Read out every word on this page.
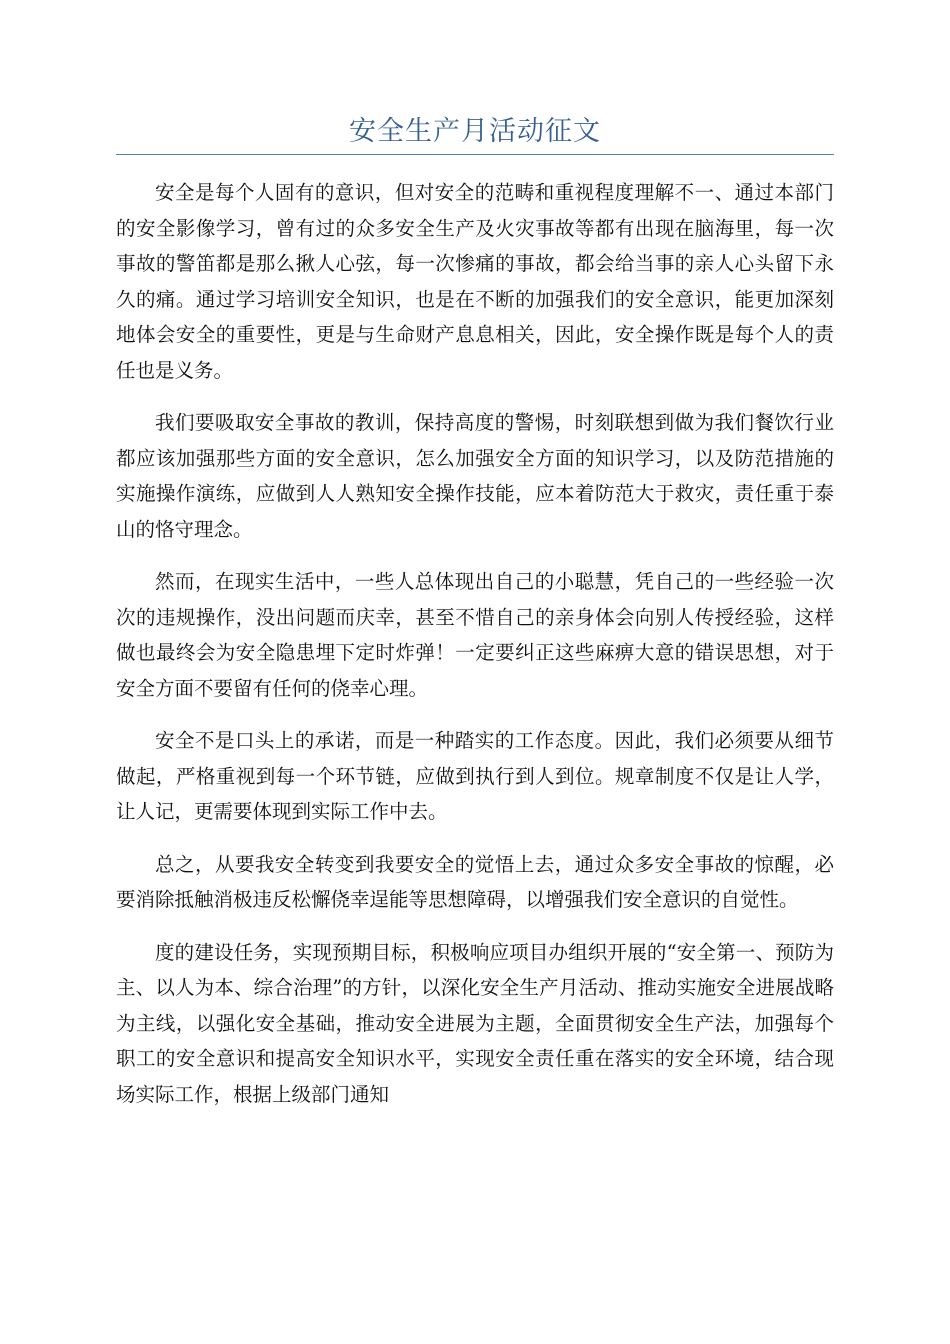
安全生产月活动征文

安全是每个人固有的意识，但对安全的范畴和重视程度理解不一、通过本部门的安全影像学习，曾有过的众多安全生产及火灾事故等都有出现在脑海里，每一次事故的警笛都是那么揪人心弦，每一次惨痛的事故，都会给当事的亲人心头留下永久的痛。通过学习培训安全知识，也是在不断的加强我们的安全意识，能更加深刻地体会安全的重要性，更是与生命财产息息相关，因此，安全操作既是每个人的责任也是义务。

我们要吸取安全事故的教训，保持高度的警惕，时刻联想到做为我们餐饮行业都应该加强那些方面的安全意识，怎么加强安全方面的知识学习，以及防范措施的实施操作演练，应做到人人熟知安全操作技能，应本着防范大于救灾，责任重于泰山的恪守理念。

然而，在现实生活中，一些人总体现出自己的小聪慧，凭自己的一些经验一次次的违规操作，没出问题而庆幸，甚至不惜自己的亲身体会向别人传授经验，这样做也最终会为安全隐患埋下定时炸弹！一定要纠正这些麻痹大意的错误思想，对于安全方面不要留有任何的侥幸心理。

安全不是口头上的承诺，而是一种踏实的工作态度。因此，我们必须要从细节做起，严格重视到每一个环节链，应做到执行到人到位。规章制度不仅是让人学，让人记，更需要体现到实际工作中去。

总之，从要我安全转变到我要安全的觉悟上去，通过众多安全事故的惊醒，必要消除抵触消极违反松懈侥幸逞能等思想障碍，以增强我们安全意识的自觉性。

度的建设任务，实现预期目标，积极响应项目办组织开展的“安全第一、预防为主、以人为本、综合治理”的方针，以深化安全生产月活动、推动实施安全进展战略为主线，以强化安全基础，推动安全进展为主题，全面贯彻安全生产法，加强每个职工的安全意识和提高安全知识水平，实现安全责任重在落实的安全环境，结合现场实际工作，根据上级部门通知
